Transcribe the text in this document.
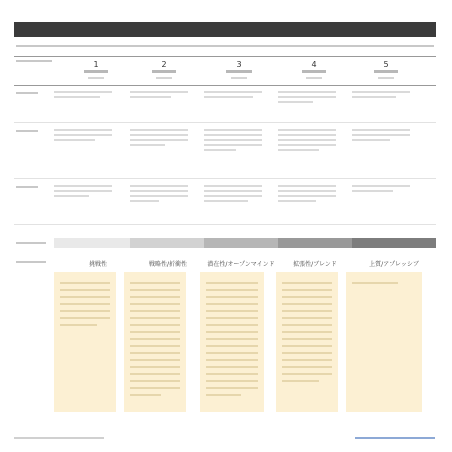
1	2	3	4	5
挑戦性	戦略性/折衝性	潜在性/オープンマインド	拡張性/ブレンド	上質/アプレッシブ
